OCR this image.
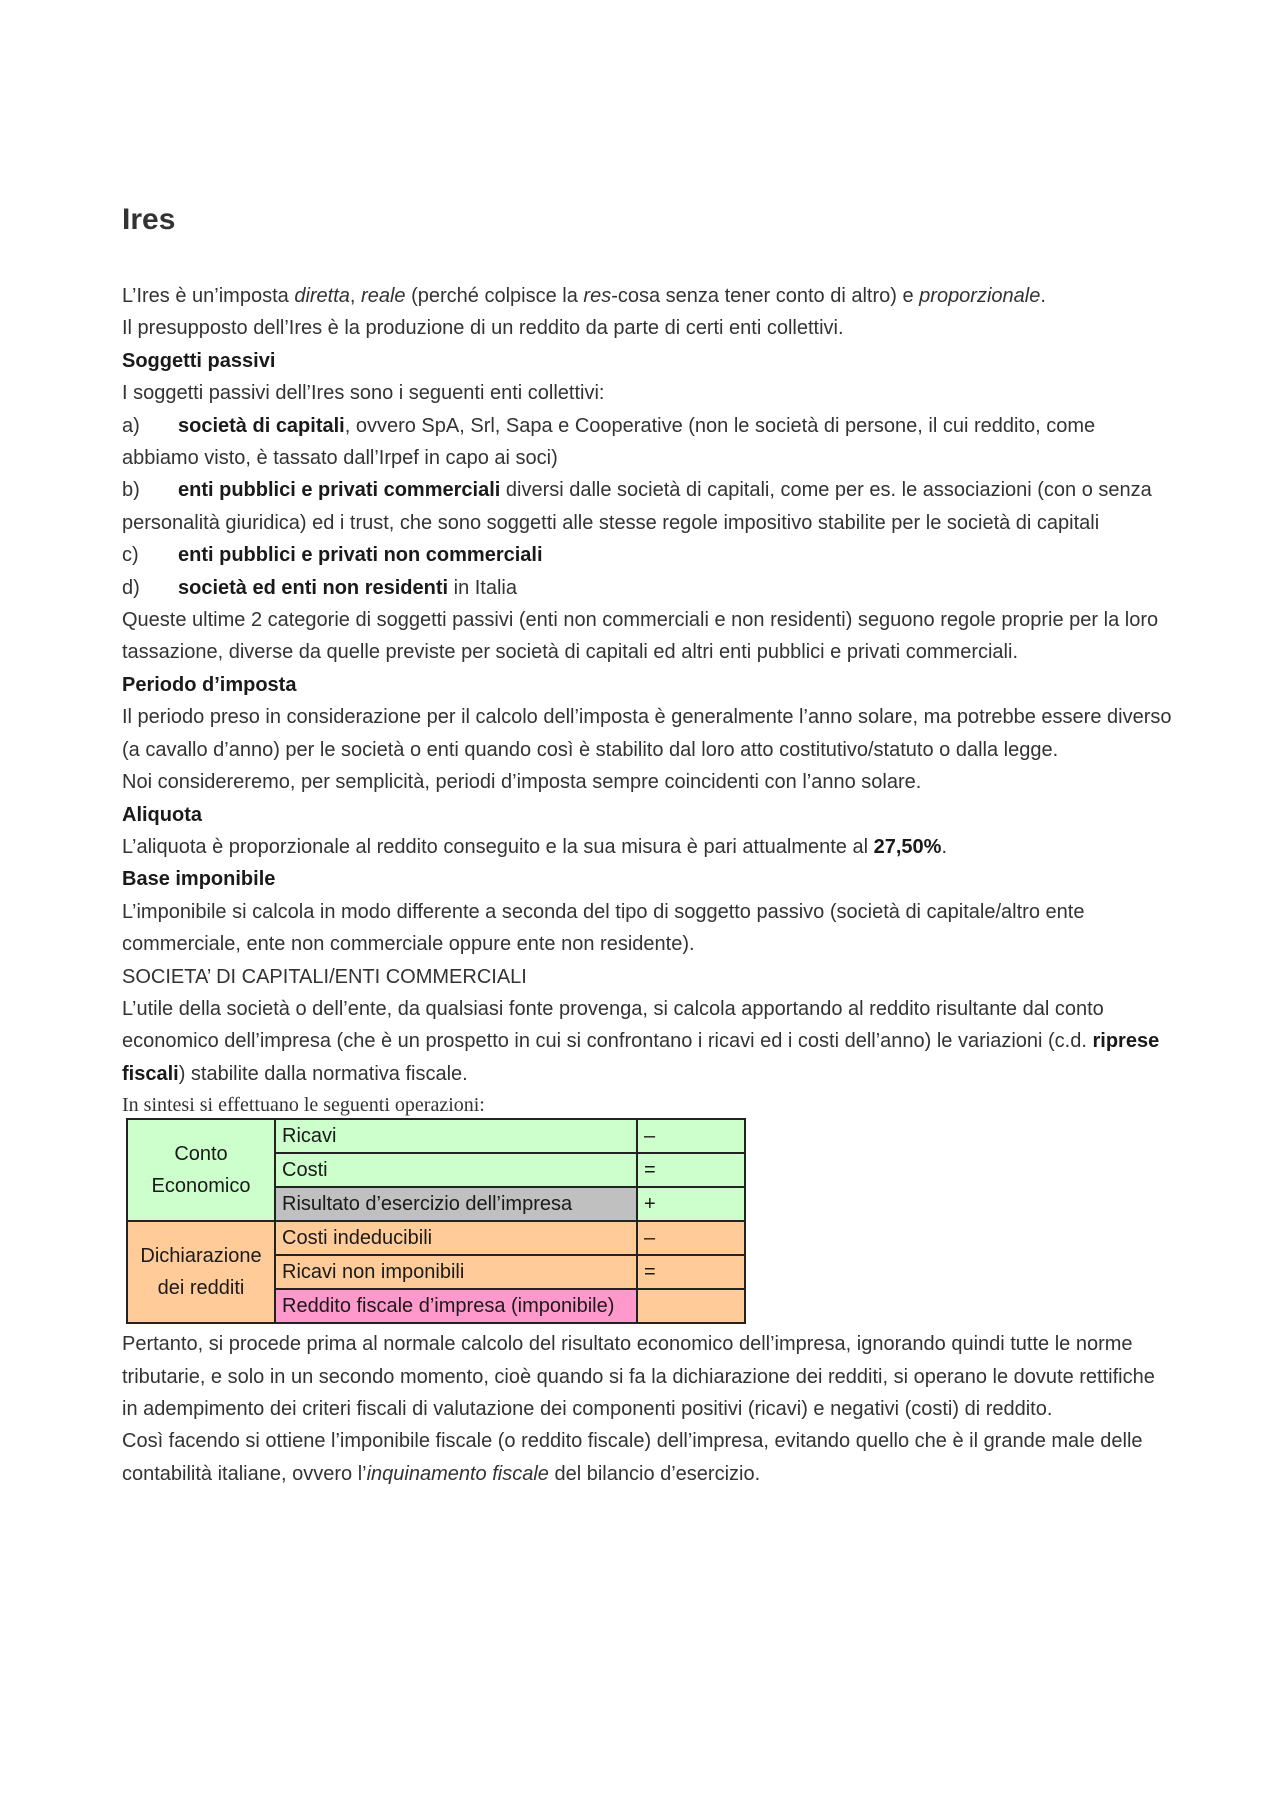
Ires

L’Ires è un’imposta diretta, reale (perché colpisce la res-cosa senza tener conto di altro) e proporzionale.

Il presupposto dell’Ires è la produzione di un reddito da parte di certi enti collettivi.

Soggetti passivi

I soggetti passivi dell’Ires sono i seguenti enti collettivi:

a) società di capitali, ovvero SpA, Srl, Sapa e Cooperative (non le società di persone, il cui reddito, come abbiamo visto, è tassato dall’Irpef in capo ai soci)

b) enti pubblici e privati commerciali diversi dalle società di capitali, come per es. le associazioni (con o senza personalità giuridica) ed i trust, che sono soggetti alle stesse regole impositivo stabilite per le società di capitali

c) enti pubblici e privati non commerciali

d) società ed enti non residenti in Italia

Queste ultime 2 categorie di soggetti passivi (enti non commerciali e non residenti) seguono regole proprie per la loro tassazione, diverse da quelle previste per società di capitali ed altri enti pubblici e privati commerciali.

Periodo d’imposta

Il periodo preso in considerazione per il calcolo dell’imposta è generalmente l’anno solare, ma potrebbe essere diverso (a cavallo d’anno) per le società o enti quando così è stabilito dal loro atto costitutivo/statuto o dalla legge.

Noi considereremo, per semplicità, periodi d’imposta sempre coincidenti con l’anno solare.

Aliquota

L’aliquota è proporzionale al reddito conseguito e la sua misura è pari attualmente al 27,50%.

Base imponibile

L’imponibile si calcola in modo differente a seconda del tipo di soggetto passivo (società di capitale/altro ente commerciale, ente non commerciale oppure ente non residente).

SOCIETA’ DI CAPITALI/ENTI COMMERCIALI

L’utile della società o dell’ente, da qualsiasi fonte provenga, si calcola apportando al reddito risultante dal conto economico dell’impresa (che è un prospetto in cui si confrontano i ricavi ed i costi dell’anno) le variazioni (c.d. riprese fiscali) stabilite dalla normativa fiscale.

In sintesi si effettuano le seguenti operazioni:

Conto Economico	Ricavi	–
	Costi	=
	Risultato d’esercizio dell’impresa	+
Dichiarazione dei redditi	Costi indeducibili	–
	Ricavi non imponibili	=
	Reddito fiscale d’impresa (imponibile)	

Pertanto, si procede prima al normale calcolo del risultato economico dell’impresa, ignorando quindi tutte le norme tributarie, e solo in un secondo momento, cioè quando si fa la dichiarazione dei redditi, si operano le dovute rettifiche in adempimento dei criteri fiscali di valutazione dei componenti positivi (ricavi) e negativi (costi) di reddito.

Così facendo si ottiene l’imponibile fiscale (o reddito fiscale) dell’impresa, evitando quello che è il grande male delle contabilità italiane, ovvero l’inquinamento fiscale del bilancio d’esercizio.
